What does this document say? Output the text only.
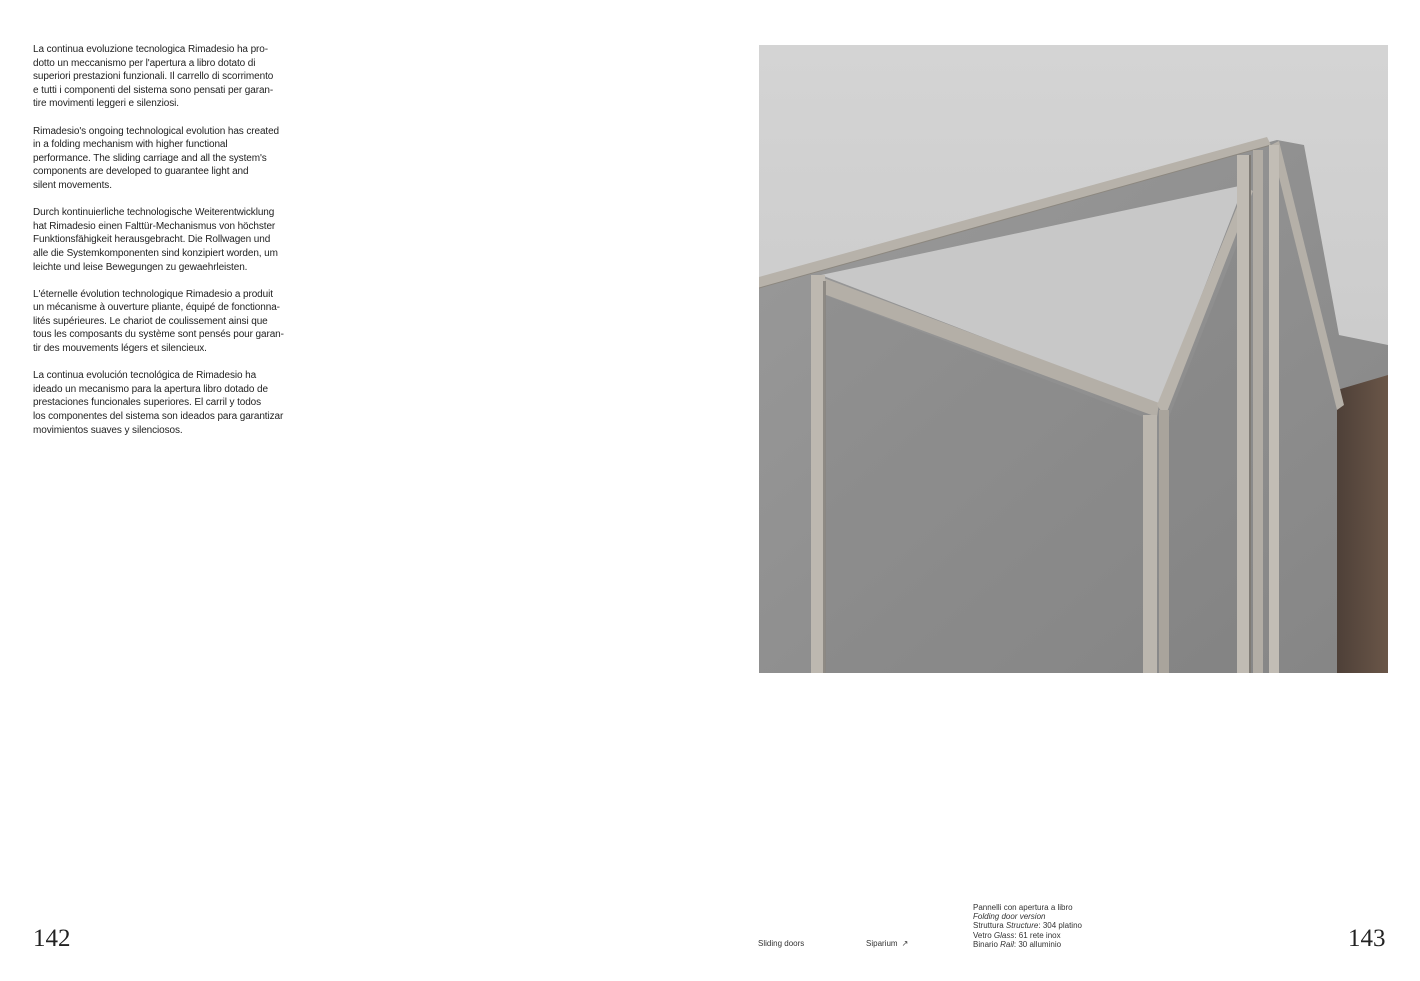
La continua evoluzione tecnologica Rimadesio ha pro-
dotto un meccanismo per l'apertura a libro dotato di
superiori prestazioni funzionali. Il carrello di scorrimento
e tutti i componenti del sistema sono pensati per garan-
tire movimenti leggeri e silenziosi.

Rimadesio's ongoing technological evolution has created
in a folding mechanism with higher functional
performance. The sliding carriage and all the system's
components are developed to guarantee light and
silent movements.

Durch kontinuierliche technologische Weiterentwicklung
hat Rimadesio einen Falttür-Mechanismus von höchster
Funktionsfähigkeit herausgebracht. Die Rollwagen und
alle die Systemkomponenten sind konzipiert worden, um
leichte und leise Bewegungen zu gewaehrleisten.

L'éternelle évolution technologique Rimadesio a produit
un mécanisme à ouverture pliante, équipé de fonctionna-
lités supérieures. Le chariot de coulissement ainsi que
tous les composants du système sont pensés pour garan-
tir des mouvements légers et silencieux.

La continua evolución tecnológica de Rimadesio ha
ideado un mecanismo para la apertura libro dotado de
prestaciones funcionales superiores. El carril y todos
los componentes del sistema son ideados para garantizar
movimientos suaves y silenciosos.

142	143
Sliding doors	Siparium ↗
Pannelli con apertura a libro
Folding door version
Struttura Structure: 304 platino
Vetro Glass: 61 rete inox
Binario Rail: 30 alluminio
